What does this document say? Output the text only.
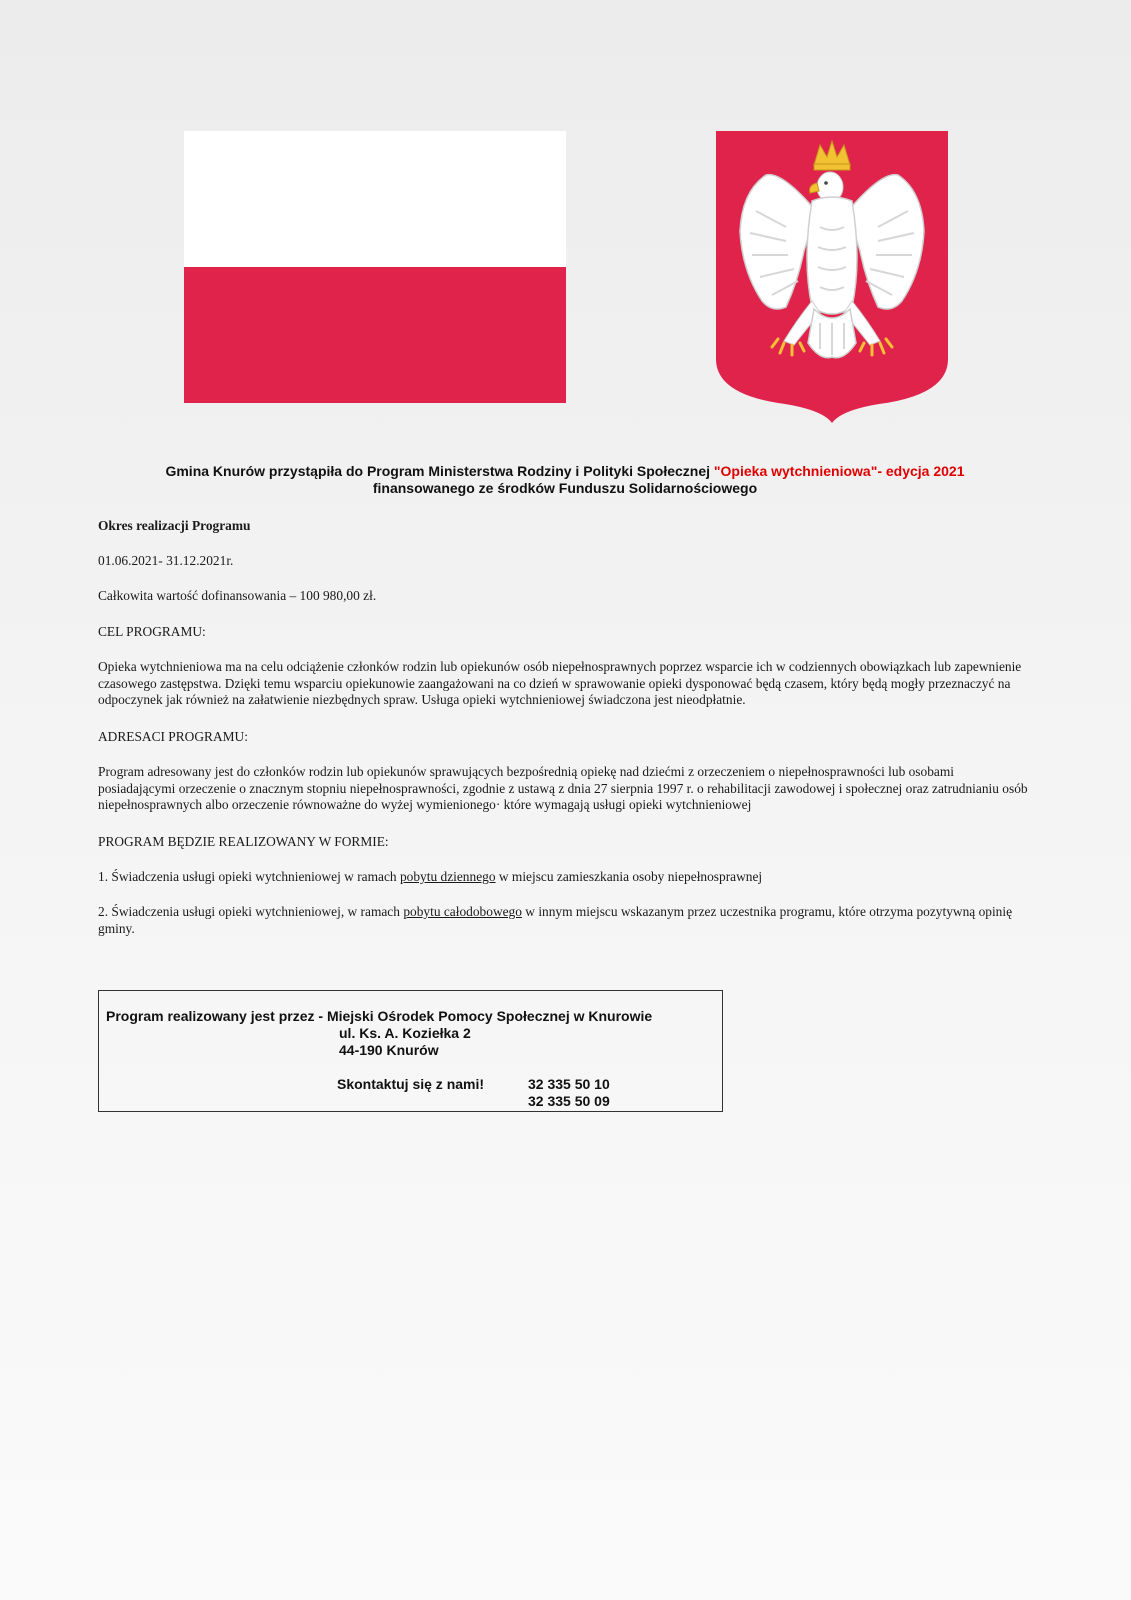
Gmina Knurów przystąpiła do Program Ministerstwa Rodziny i Polityki Społecznej "Opieka wytchnieniowa"- edycja 2021
finansowanego ze środków Funduszu Solidarnościowego
Okres realizacji Programu
01.06.2021- 31.12.2021r.
Całkowita wartość dofinansowania – 100 980,00 zł.
CEL PROGRAMU:
Opieka wytchnieniowa ma na celu odciążenie członków rodzin lub opiekunów osób niepełnosprawnych poprzez wsparcie ich w codziennych obowiązkach lub zapewnienie czasowego zastępstwa. Dzięki temu wsparciu opiekunowie zaangażowani na co dzień w sprawowanie opieki dysponować będą czasem, który będą mogły przeznaczyć na odpoczynek jak również na załatwienie niezbędnych spraw. Usługa opieki wytchnieniowej świadczona jest nieodpłatnie.
ADRESACI PROGRAMU:
Program adresowany jest do członków rodzin lub opiekunów sprawujących bezpośrednią opiekę nad dziećmi z orzeczeniem o niepełnosprawności lub osobami posiadającymi orzeczenie o znacznym stopniu niepełnosprawności, zgodnie z ustawą z dnia 27 sierpnia 1997 r. o rehabilitacji zawodowej i społecznej oraz zatrudnianiu osób niepełnosprawnych albo orzeczenie równoważne do wyżej wymienionego· które wymagają usługi opieki wytchnieniowej
PROGRAM BĘDZIE REALIZOWANY W FORMIE:
1. Świadczenia usługi opieki wytchnieniowej w ramach pobytu dziennego w miejscu zamieszkania osoby niepełnosprawnej
2. Świadczenia usługi opieki wytchnieniowej, w ramach pobytu całodobowego w innym miejscu wskazanym przez uczestnika programu, które otrzyma pozytywną opinię gminy.
Program realizowany jest przez - Miejski Ośrodek Pomocy Społecznej w Knurowie
ul. Ks. A. Koziełka 2
44-190 Knurów
Skontaktuj się z nami!	32 335 50 10
32 335 50 09
